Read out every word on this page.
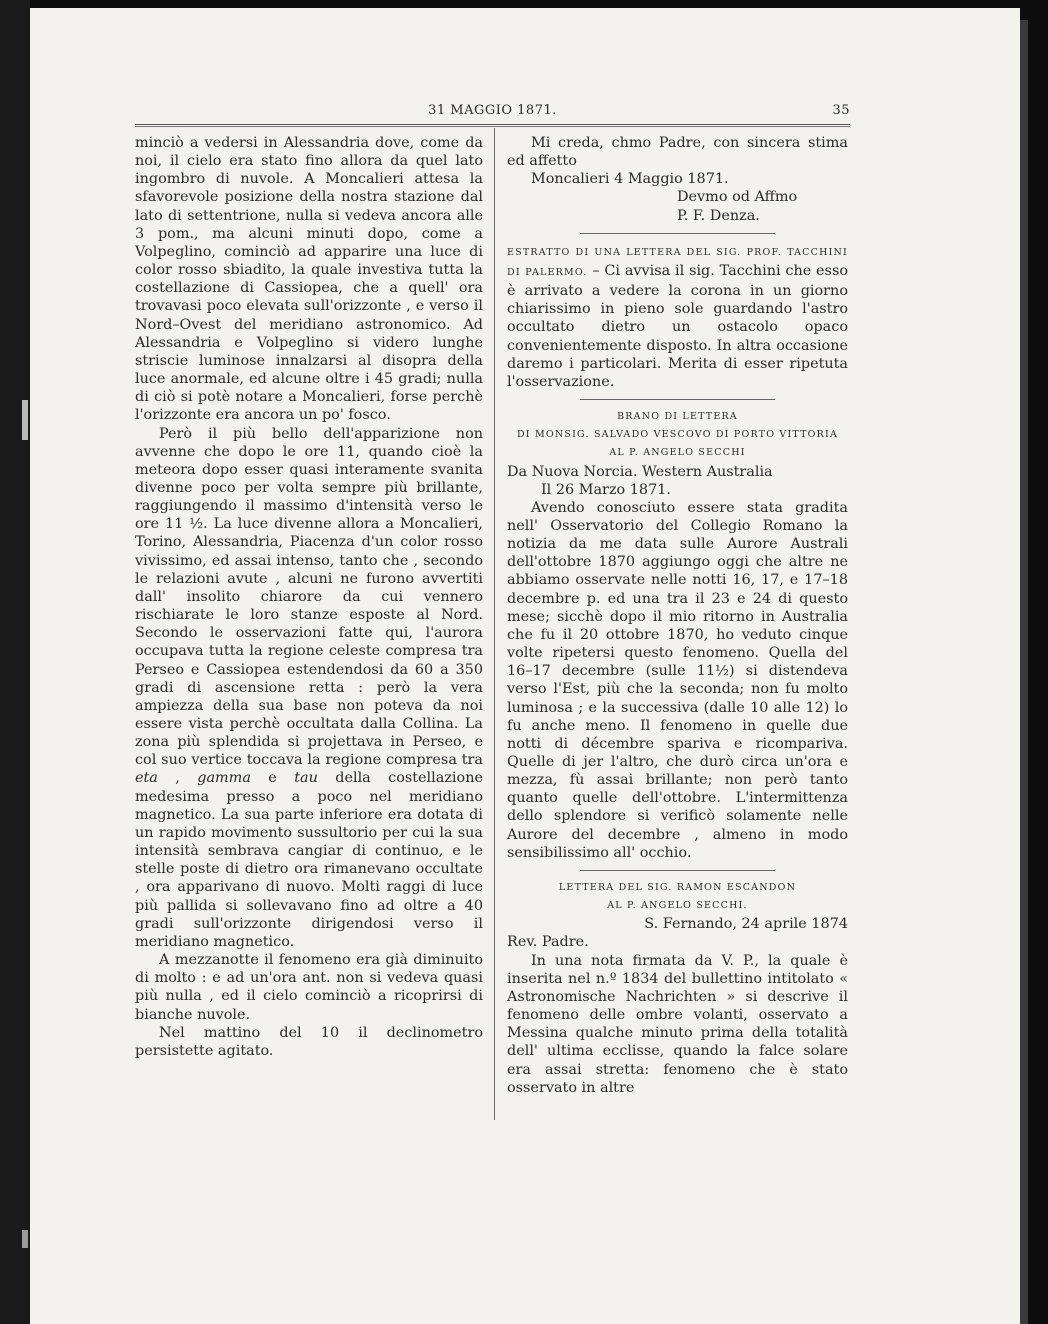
31 MAGGIO 1871.	35

minciò a vedersi in Alessandria dove, come da noi, il cielo era stato fino allora da quel lato ingombro di nuvole. A Moncalieri attesa la sfavorevole posizione della nostra stazione dal lato di settentrione, nulla si vedeva ancora alle 3 pom., ma alcuni minuti dopo, come a Volpeglino, cominciò ad apparire una luce di color rosso sbiadito, la quale investiva tutta la costellazione di Cassiopea, che a quell' ora trovavasi poco elevata sull'orizzonte , e verso il Nord–Ovest del meridiano astronomico. Ad Alessandria e Volpeglino si videro lunghe striscie luminose innalzarsi al disopra della luce anormale, ed alcune oltre i 45 gradi; nulla di ciò si potè notare a Moncalieri, forse perchè l'orizzonte era ancora un po' fosco.

Però il più bello dell'apparizione non avvenne che dopo le ore 11, quando cioè la meteora dopo esser quasi interamente svanita divenne poco per volta sempre più brillante, raggiungendo il massimo d'intensità verso le ore 11 ½. La luce divenne allora a Moncalieri, Torino, Alessandria, Piacenza d'un color rosso vivissimo, ed assai intenso, tanto che , secondo le relazioni avute , alcuni ne furono avvertiti dall' insolito chiarore da cui vennero rischiarate le loro stanze esposte al Nord. Secondo le osservazioni fatte qui, l'aurora occupava tutta la regione celeste compresa tra Perseo e Cassiopea estendendosi da 60 a 350 gradi di ascensione retta : però la vera ampiezza della sua base non poteva da noi essere vista perchè occultata dalla Collina. La zona più splendida si projettava in Perseo, e col suo vertice toccava la regione compresa tra eta , gamma e tau della costellazione medesima presso a poco nel meridiano magnetico. La sua parte inferiore era dotata di un rapido movimento sussultorio per cui la sua intensità sembrava cangiar di continuo, e le stelle poste di dietro ora rimanevano occultate , ora apparivano di nuovo. Molti raggi di luce più pallida si sollevavano fino ad oltre a 40 gradi sull'orizzonte dirigendosi verso il meridiano magnetico.

A mezzanotte il fenomeno era già diminuito di molto : e ad un'ora ant. non si vedeva quasi più nulla , ed il cielo cominciò a ricoprirsi di bianche nuvole.

Nel mattino del 10 il declinometro persistette agitato.

Mi creda, chmo Padre, con sincera stima ed affetto

Moncalieri 4 Maggio 1871.

Devmo od Affmo

P. F. Denza.

ESTRATTO DI UNA LETTERA DEL SIG. PROF. TACCHINI DI PALERMO. – Ci avvisa il sig. Tacchini che esso è arrivato a vedere la corona in un giorno chiarissimo in pieno sole guardando l'astro occultato dietro un ostacolo opaco convenientemente disposto. In altra occasione daremo i particolari. Merita di esser ripetuta l'osservazione.

BRANO DI LETTERA

DI MONSIG. SALVADO VESCOVO DI PORTO VITTORIA

AL P. ANGELO SECCHI

Da Nuova Norcia. Western Australia

Il 26 Marzo 1871.

Avendo conosciuto essere stata gradita nell' Osservatorio del Collegio Romano la notizia da me data sulle Aurore Australi dell'ottobre 1870 aggiungo oggi che altre ne abbiamo osservate nelle notti 16, 17, e 17–18 decembre p. ed una tra il 23 e 24 di questo mese; sicchè dopo il mio ritorno in Australia che fu il 20 ottobre 1870, ho veduto cinque volte ripetersi questo fenomeno. Quella del 16–17 decembre (sulle 11½) si distendeva verso l'Est, più che la seconda; non fu molto luminosa ; e la successiva (dalle 10 alle 12) lo fu anche meno. Il fenomeno in quelle due notti di décembre spariva e ricompariva. Quelle di jer l'altro, che durò circa un'ora e mezza, fù assai brillante; non però tanto quanto quelle dell'ottobre. L'intermittenza dello splendore si verificò solamente nelle Aurore del decembre , almeno in modo sensibilissimo all' occhio.

LETTERA DEL SIG. RAMON ESCANDON

AL P. ANGELO SECCHI.

S. Fernando, 24 aprile 1874

Rev. Padre.

In una nota firmata da V. P., la quale è inserita nel n.º 1834 del bullettino intitolato « Astronomische Nachrichten » si descrive il fenomeno delle ombre volanti, osservato a Messina qualche minuto prima della totalità dell' ultima ecclisse, quando la falce solare era assai stretta: fenomeno che è stato osservato in altre
